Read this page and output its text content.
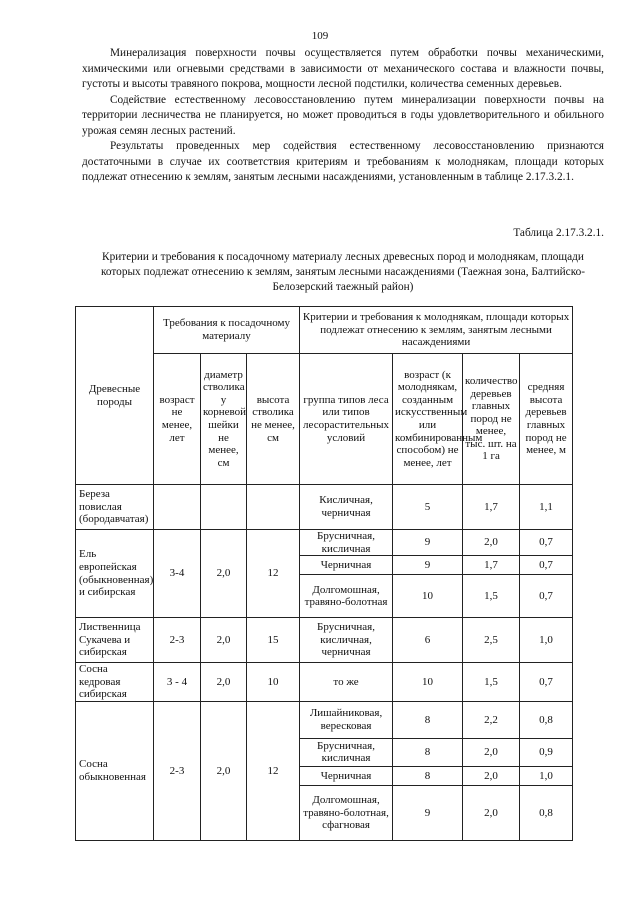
109

Минерализация поверхности почвы осуществляется путем обработки почвы механическими, химическими или огневыми средствами в зависимости от механического состава и влажности почвы, густоты и высоты травяного покрова, мощности лесной подстилки, количества семенных деревьев.

Содействие естественному лесовосстановлению путем минерализации поверхности почвы на территории лесничества не планируется, но может проводиться в годы удовлетворительного и обильного урожая семян лесных растений.

Результаты проведенных мер содействия естественному лесовосстановлению признаются достаточными в случае их соответствия критериям и требованиям к молоднякам, площади которых подлежат отнесению к землям, занятым лесными насаждениями, установленным в таблице 2.17.3.2.1.

Таблица 2.17.3.2.1.
Критерии и требования к посадочному материалу лесных древесных пород и молоднякам, площади которых подлежат отнесению к землям, занятым лесными насаждениями (Таежная зона, Балтийско-Белозерский таежный район)
Древесные породы	Требования к посадочному материалу			Критерии и требования к молоднякам, площади которых подлежат отнесению к землям, занятым лесными насаждениями			
	возраст не менее, лет	диаметр стволика у корневой шейки не менее, см	высота стволика не менее, см	группа типов леса или типов лесорастительных условий	возраст (к молоднякам, созданным искусственным или комбинированным способом) не менее, лет	количество деревьев главных пород не менее, тыс. шт. на 1 га	средняя высота деревьев главных пород не менее, м
Береза повислая (бородавчатая)				Кисличная, черничная	5	1,7	1,1
Ель европейская (обыкновенная) и сибирская	3-4	2,0	12	Брусничная, кисличная	9	2,0	0,7
				Черничная	9	1,7	0,7
				Долгомошная, травяно-болотная	10	1,5	0,7
Лиственница Сукачева и сибирская	2-3	2,0	15	Брусничная, кисличная, черничная	6	2,5	1,0
Сосна кедровая сибирская	3 - 4	2,0	10	то же	10	1,5	0,7
Сосна обыкновенная	2-3	2,0	12	Лишайниковая, вересковая	8	2,2	0,8
				Брусничная, кисличная	8	2,0	0,9
				Черничная	8	2,0	1,0
				Долгомошная, травяно-болотная, сфагновая	9	2,0	0,8
